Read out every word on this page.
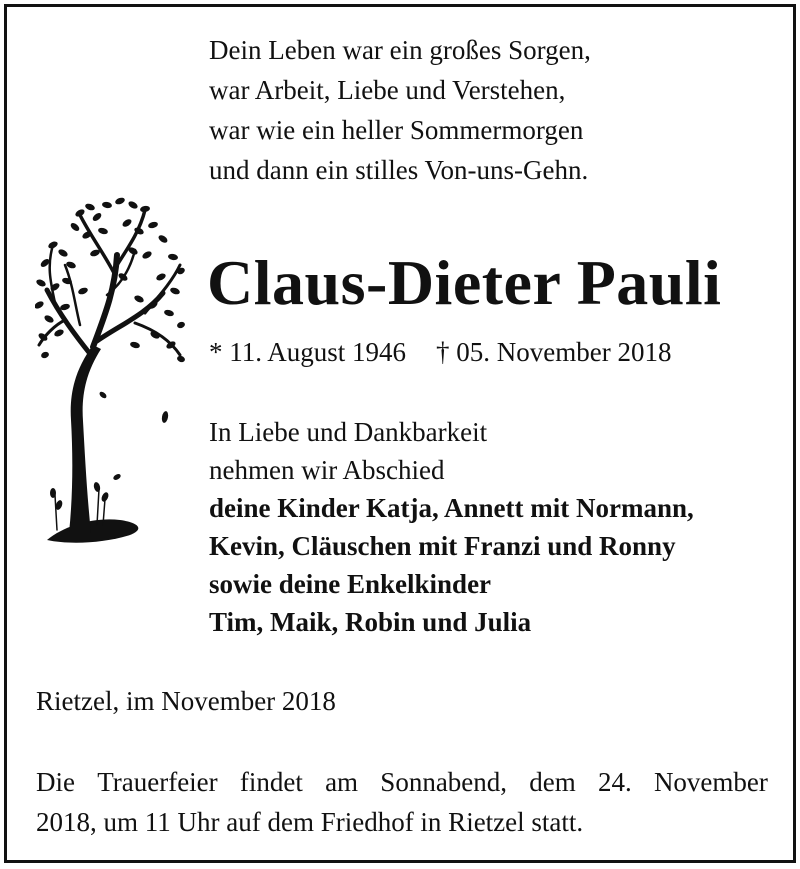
Dein Leben war ein großes Sorgen,
war Arbeit, Liebe und Verstehen,
war wie ein heller Sommermorgen
und dann ein stilles Von-uns-Gehn.
Claus-Dieter Pauli
* 11. August 1946 † 05. November 2018
In Liebe und Dankbarkeit
nehmen wir Abschied
deine Kinder Katja, Annett mit Normann,
Kevin, Cläuschen mit Franzi und Ronny
sowie deine Enkelkinder
Tim, Maik, Robin und Julia
Rietzel, im November 2018
Die Trauerfeier findet am Sonnabend, dem 24. November
2018, um 11 Uhr auf dem Friedhof in Rietzel statt.
